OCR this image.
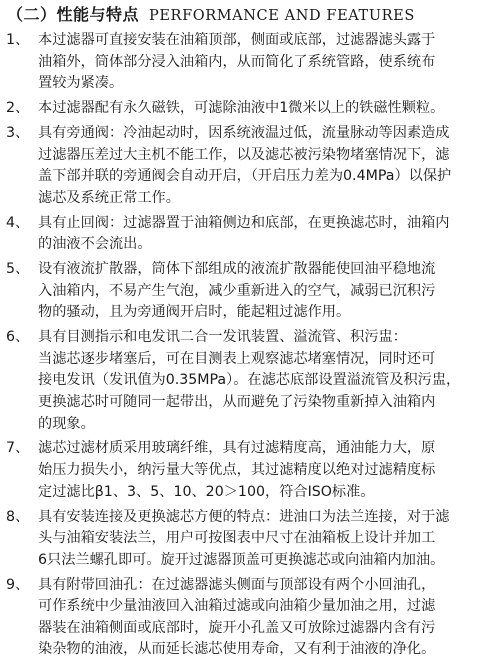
（二）性能与特点 PERFORMANCE AND FEATURES
1、 本过滤器可直接安装在油箱顶部，侧面或底部，过滤器滤头露于
油箱外，筒体部分浸入油箱内，从而简化了系统管路，使系统布
置较为紧凑。
2、 本过滤器配有永久磁铁，可滤除油液中1微米以上的铁磁性颗粒。
3、 具有旁通阀：冷油起动时，因系统液温过低，流量脉动等因素造成
过滤器压差过大主机不能工作，以及滤芯被污染物堵塞情况下，滤
盖下部并联的旁通阀会自动开启，（开启压力差为0.4MPa）以保护
滤芯及系统正常工作。
4、 具有止回阀：过滤器置于油箱侧边和底部，在更换滤芯时，油箱内
的油液不会流出。
5、 设有液流扩散器，筒体下部组成的液流扩散器能使回油平稳地流
入油箱内，不易产生气泡，减少重新进入的空气，减弱已沉积污
物的骚动，且为旁通阀开启时，能起粗过滤作用。
6、 具有目测指示和电发讯二合一发讯装置、溢流管、积污盅：
当滤芯逐步堵塞后，可在目测表上观察滤芯堵塞情况，同时还可
接电发讯（发讯值为0.35MPa）。在滤芯底部设置溢流管及积污盅，
更换滤芯时可随同一起带出，从而避免了污染物重新掉入油箱内
的现象。
7、 滤芯过滤材质采用玻璃纤维，具有过滤精度高，通油能力大，原
始压力损失小，纳污量大等优点，其过滤精度以绝对过滤精度标
定过滤比β1、3、5、10、20＞100，符合ISO标准。
8、 具有安装连接及更换滤芯方便的特点：进油口为法兰连接，对于滤
头与油箱安装法兰，用户可按图表中尺寸在油箱板上设计并加工
6只法兰螺孔即可。旋开过滤器顶盖可更换滤芯或向油箱内加油。
9、 具有附带回油孔：在过滤器滤头侧面与顶部设有两个小回油孔，
可作系统中少量油液回入油箱过滤或向油箱少量加油之用，过滤
器装在油箱侧面或底部时，旋开小孔盖又可放除过滤器内含有污
染杂物的油液，从而延长滤芯使用寿命，又有利于油液的净化。
